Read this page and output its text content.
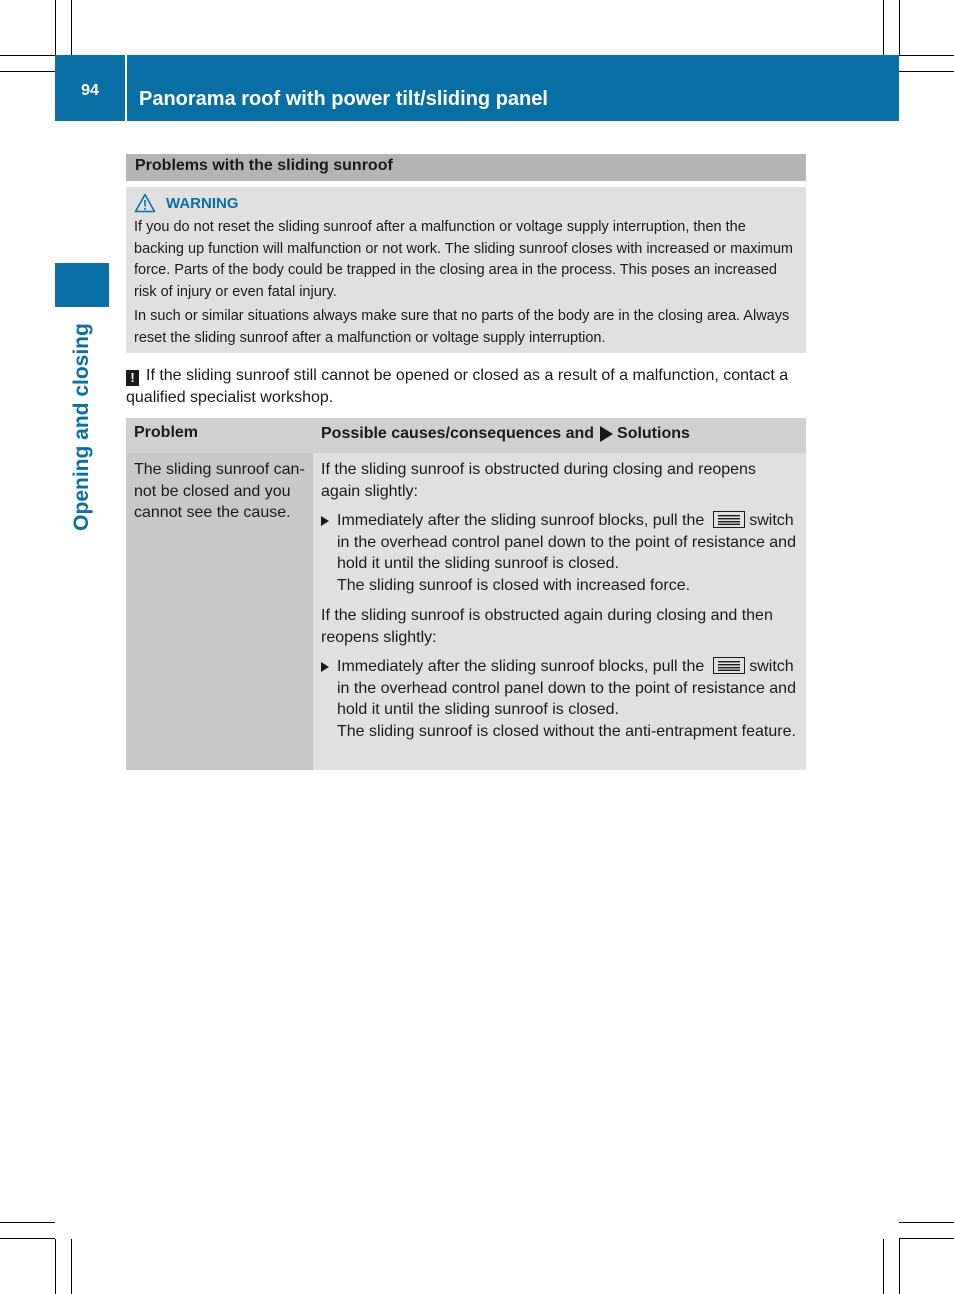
94	Panorama roof with power tilt/sliding panel
Opening and closing
Problems with the sliding sunroof
WARNING

If you do not reset the sliding sunroof after a malfunction or voltage supply interruption, then the backing up function will malfunction or not work. The sliding sunroof closes with increased or maximum force. Parts of the body could be trapped in the closing area in the process. This poses an increased risk of injury or even fatal injury.

In such or similar situations always make sure that no parts of the body are in the closing area. Always reset the sliding sunroof after a malfunction or voltage supply interruption.

! If the sliding sunroof still cannot be opened or closed as a result of a malfunction, contact a qualified specialist workshop.
Problem	Possible causes/consequences and Solutions
The sliding sunroof cannot be closed and you cannot see the cause.

If the sliding sunroof is obstructed during closing and reopens again slightly:

Immediately after the sliding sunroof blocks, pull the	switch in the overhead control panel down to the point of resistance and hold it until the sliding sunroof is closed.
The sliding sunroof is closed with increased force.

If the sliding sunroof is obstructed again during closing and then reopens slightly:

Immediately after the sliding sunroof blocks, pull the	switch in the overhead control panel down to the point of resistance and hold it until the sliding sunroof is closed.
The sliding sunroof is closed without the anti-entrapment feature.
